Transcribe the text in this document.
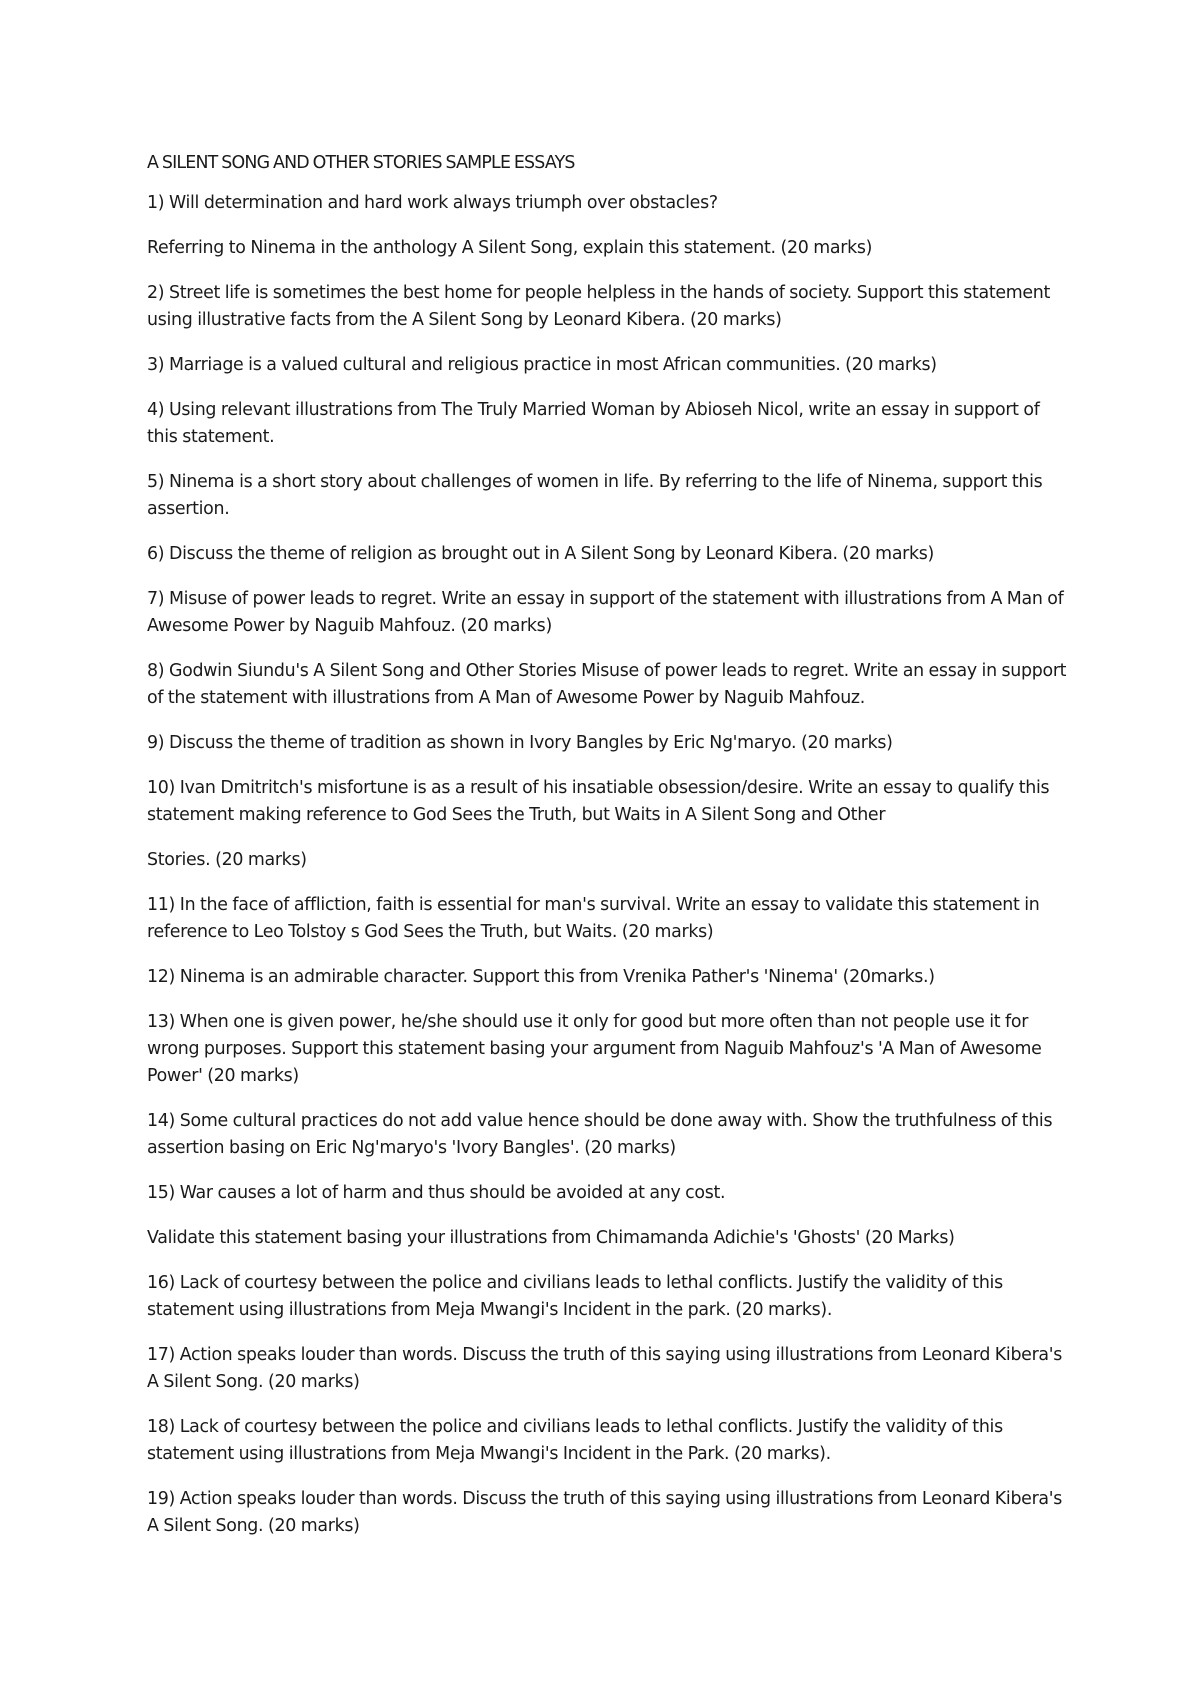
A SILENT SONG AND OTHER STORIES SAMPLE ESSAYS

1) Will determination and hard work always triumph over obstacles?

Referring to Ninema in the anthology A Silent Song, explain this statement. (20 marks)

2) Street life is sometimes the best home for people helpless in the hands of society. Support this statement using illustrative facts from the A Silent Song by Leonard Kibera. (20 marks)

3) Marriage is a valued cultural and religious practice in most African communities. (20 marks)

4) Using relevant illustrations from The Truly Married Woman by Abioseh Nicol, write an essay in support of this statement.

5) Ninema is a short story about challenges of women in life. By referring to the life of Ninema, support this assertion.

6) Discuss the theme of religion as brought out in A Silent Song by Leonard Kibera. (20 marks)

7) Misuse of power leads to regret. Write an essay in support of the statement with illustrations from A Man of Awesome Power by Naguib Mahfouz. (20 marks)

8) Godwin Siundu's A Silent Song and Other Stories Misuse of power leads to regret. Write an essay in support of the statement with illustrations from A Man of Awesome Power by Naguib Mahfouz.

9) Discuss the theme of tradition as shown in Ivory Bangles by Eric Ng'maryo. (20 marks)

10) Ivan Dmitritch's misfortune is as a result of his insatiable obsession/desire. Write an essay to qualify this statement making reference to God Sees the Truth, but Waits in A Silent Song and Other

Stories. (20 marks)

11) In the face of affliction, faith is essential for man's survival. Write an essay to validate this statement in reference to Leo Tolstoy s God Sees the Truth, but Waits. (20 marks)

12) Ninema is an admirable character. Support this from Vrenika Pather's 'Ninema' (20marks.)

13) When one is given power, he/she should use it only for good but more often than not people use it for wrong purposes. Support this statement basing your argument from Naguib Mahfouz's 'A Man of Awesome Power' (20 marks)

14) Some cultural practices do not add value hence should be done away with. Show the truthfulness of this assertion basing on Eric Ng'maryo's 'Ivory Bangles'. (20 marks)

15) War causes a lot of harm and thus should be avoided at any cost.

Validate this statement basing your illustrations from Chimamanda Adichie's 'Ghosts' (20 Marks)

16) Lack of courtesy between the police and civilians leads to lethal conflicts. Justify the validity of this statement using illustrations from Meja Mwangi's Incident in the park. (20 marks).

17) Action speaks louder than words. Discuss the truth of this saying using illustrations from Leonard Kibera's A Silent Song. (20 marks)

18) Lack of courtesy between the police and civilians leads to lethal conflicts. Justify the validity of this statement using illustrations from Meja Mwangi's Incident in the Park. (20 marks).

19) Action speaks louder than words. Discuss the truth of this saying using illustrations from Leonard Kibera's A Silent Song. (20 marks)
